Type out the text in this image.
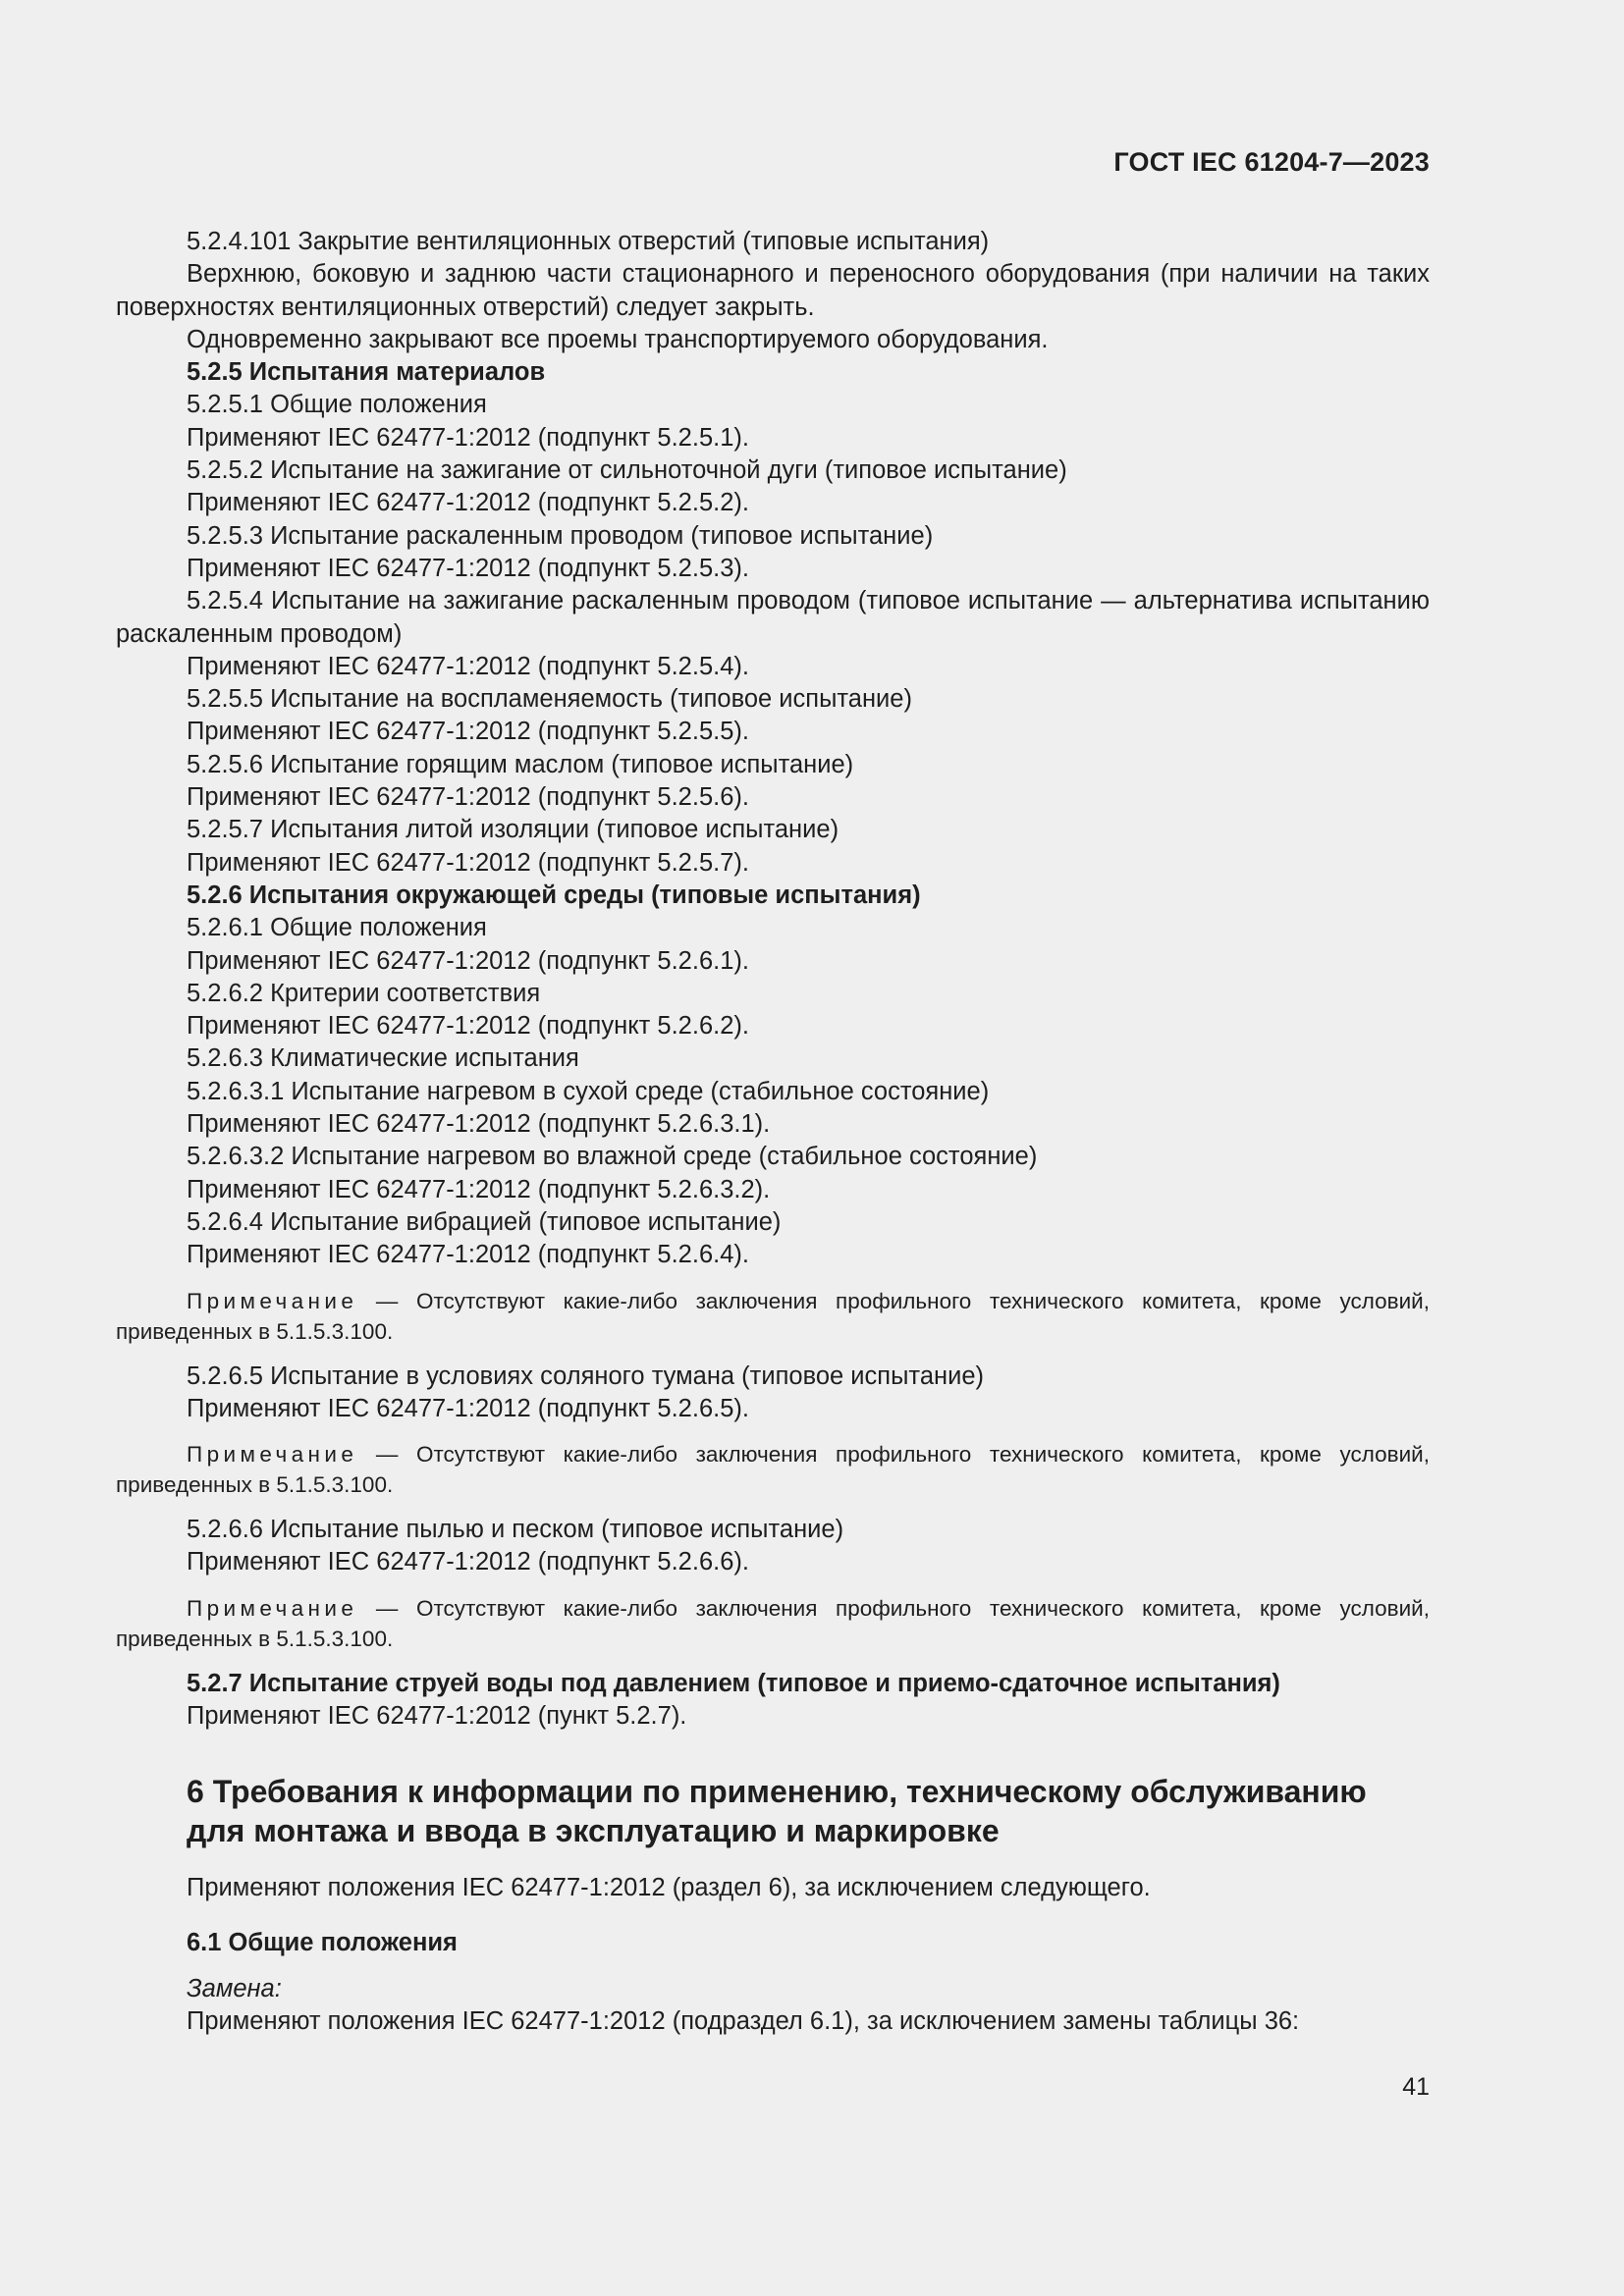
ГОСТ IEC 61204-7—2023

5.2.4.101 Закрытие вентиляционных отверстий (типовые испытания)

Верхнюю, боковую и заднюю части стационарного и переносного оборудования (при наличии на таких поверхностях вентиляционных отверстий) следует закрыть.

Одновременно закрывают все проемы транспортируемого оборудования.

5.2.5 Испытания материалов

5.2.5.1 Общие положения

Применяют IEC 62477-1:2012 (подпункт 5.2.5.1).

5.2.5.2 Испытание на зажигание от сильноточной дуги (типовое испытание)

Применяют IEC 62477-1:2012 (подпункт 5.2.5.2).

5.2.5.3 Испытание раскаленным проводом (типовое испытание)

Применяют IEC 62477-1:2012 (подпункт 5.2.5.3).

5.2.5.4 Испытание на зажигание раскаленным проводом (типовое испытание — альтернатива испытанию раскаленным проводом)

Применяют IEC 62477-1:2012 (подпункт 5.2.5.4).

5.2.5.5 Испытание на воспламеняемость (типовое испытание)

Применяют IEC 62477-1:2012 (подпункт 5.2.5.5).

5.2.5.6 Испытание горящим маслом (типовое испытание)

Применяют IEC 62477-1:2012 (подпункт 5.2.5.6).

5.2.5.7 Испытания литой изоляции (типовое испытание)

Применяют IEC 62477-1:2012 (подпункт 5.2.5.7).

5.2.6 Испытания окружающей среды (типовые испытания)

5.2.6.1 Общие положения

Применяют IEC 62477-1:2012 (подпункт 5.2.6.1).

5.2.6.2 Критерии соответствия

Применяют IEC 62477-1:2012 (подпункт 5.2.6.2).

5.2.6.3 Климатические испытания

5.2.6.3.1 Испытание нагревом в сухой среде (стабильное состояние)

Применяют IEC 62477-1:2012 (подпункт 5.2.6.3.1).

5.2.6.3.2 Испытание нагревом во влажной среде (стабильное состояние)

Применяют IEC 62477-1:2012 (подпункт 5.2.6.3.2).

5.2.6.4 Испытание вибрацией (типовое испытание)

Применяют IEC 62477-1:2012 (подпункт 5.2.6.4).

Примечание — Отсутствуют какие-либо заключения профильного технического комитета, кроме условий, приведенных в 5.1.5.3.100.

5.2.6.5 Испытание в условиях соляного тумана (типовое испытание)

Применяют IEC 62477-1:2012 (подпункт 5.2.6.5).

Примечание — Отсутствуют какие-либо заключения профильного технического комитета, кроме условий, приведенных в 5.1.5.3.100.

5.2.6.6 Испытание пылью и песком (типовое испытание)

Применяют IEC 62477-1:2012 (подпункт 5.2.6.6).

Примечание — Отсутствуют какие-либо заключения профильного технического комитета, кроме условий, приведенных в 5.1.5.3.100.

5.2.7 Испытание струей воды под давлением (типовое и приемо-сдаточное испытания)

Применяют IEC 62477-1:2012 (пункт 5.2.7).

6 Требования к информации по применению, техническому обслуживанию для монтажа и ввода в эксплуатацию и маркировке

Применяют положения IEC 62477-1:2012 (раздел 6), за исключением следующего.

6.1 Общие положения

Замена:

Применяют положения IEC 62477-1:2012 (подраздел 6.1), за исключением замены таблицы 36:

41
